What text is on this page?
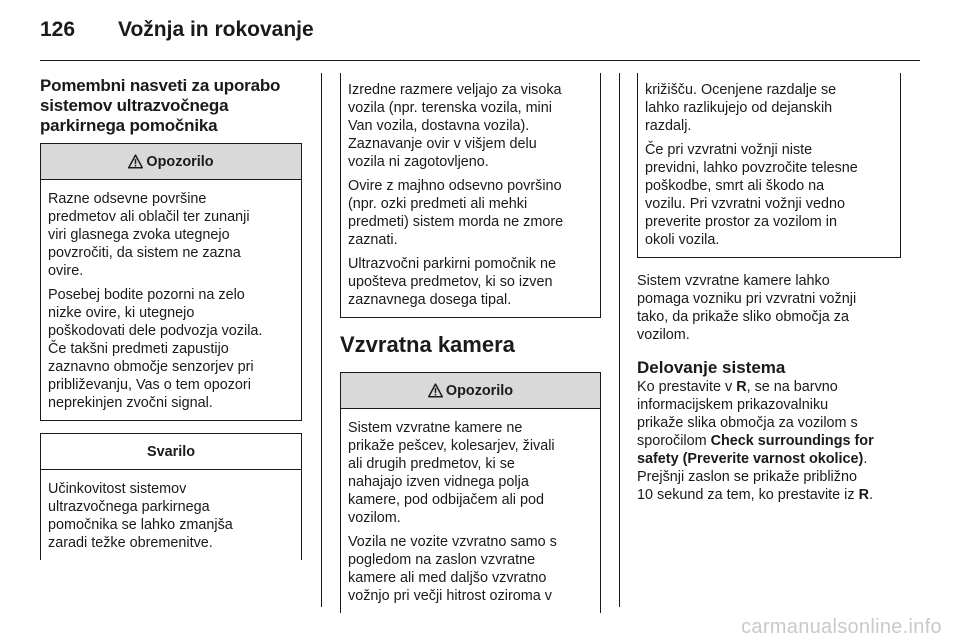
126	Vožnja in rokovanje
Pomembni nasveti za uporabo
sistemov ultrazvočnega
parkirnega pomočnika
Opozorilo

Razne odsevne površine
predmetov ali oblačil ter zunanji
viri glasnega zvoka utegnejo
povzročiti, da sistem ne zazna
ovire.

Posebej bodite pozorni na zelo
nizke ovire, ki utegnejo
poškodovati dele podvozja vozila.
Če takšni predmeti zapustijo
zaznavno območje senzorjev pri
približevanju, Vas o tem opozori
neprekinjen zvočni signal.

Svarilo

Učinkovitost sistemov
ultrazvočnega parkirnega
pomočnika se lahko zmanjša
zaradi težke obremenitve.

Izredne razmere veljajo za visoka
vozila (npr. terenska vozila, mini
Van vozila, dostavna vozila).
Zaznavanje ovir v višjem delu
vozila ni zagotovljeno.

Ovire z majhno odsevno površino
(npr. ozki predmeti ali mehki
predmeti) sistem morda ne zmore
zaznati.

Ultrazvočni parkirni pomočnik ne
upošteva predmetov, ki so izven
zaznavnega dosega tipal.

Vzvratna kamera
Opozorilo

Sistem vzvratne kamere ne
prikaže pešcev, kolesarjev, živali
ali drugih predmetov, ki se
nahajajo izven vidnega polja
kamere, pod odbijačem ali pod
vozilom.

Vozila ne vozite vzvratno samo s
pogledom na zaslon vzvratne
kamere ali med daljšo vzvratno
vožnjo pri večji hitrost oziroma v

križišču. Ocenjene razdalje se
lahko razlikujejo od dejanskih
razdalj.

Če pri vzvratni vožnji niste
previdni, lahko povzročite telesne
poškodbe, smrt ali škodo na
vozilu. Pri vzvratni vožnji vedno
preverite prostor za vozilom in
okoli vozila.

Sistem vzvratne kamere lahko
pomaga vozniku pri vzvratni vožnji
tako, da prikaže sliko območja za
vozilom.

Delovanje sistema

Ko prestavite v R, se na barvno
informacijskem prikazovalniku
prikaže slika območja za vozilom s
sporočilom Check surroundings for
safety (Preverite varnost okolice).
Prejšnji zaslon se prikaže približno
10 sekund za tem, ko prestavite iz R.

carmanualsonline.info
